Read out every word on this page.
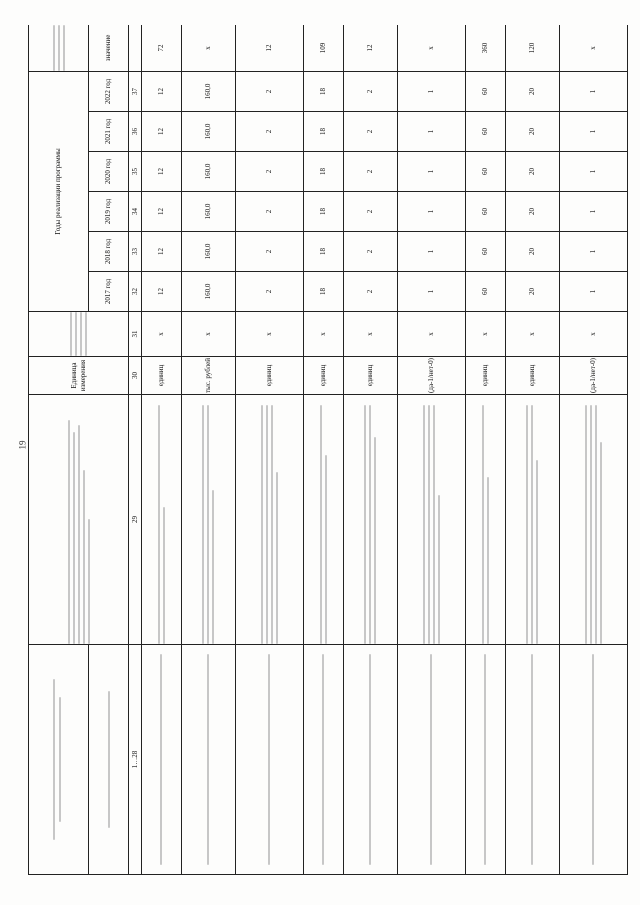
19

	Единица измерения		Годы реализации программы						

				2017 год	2018 год	2019 год	2020 год	2021 год	2022 год	значение
1…28	29	30	31	32	33	34	35	36	37	

	единиц	х	12	12	12	12	12	12	72

	тыс. рублей	х	160,0	160,0	160,0	160,0	160,0	160,0	х

	единиц	х	2	2	2	2	2	2	12

	единиц	х	18	18	18	18	18	18	109

	единиц	х	2	2	2	2	2	2	12

	(да-1/нет-0)	х	1	1	1	1	1	1	х

	единиц	х	60	60	60	60	60	60	360

	единиц	х	20	20	20	20	20	20	120

	(да-1/нет-0)	х	1	1	1	1	1	1	х
